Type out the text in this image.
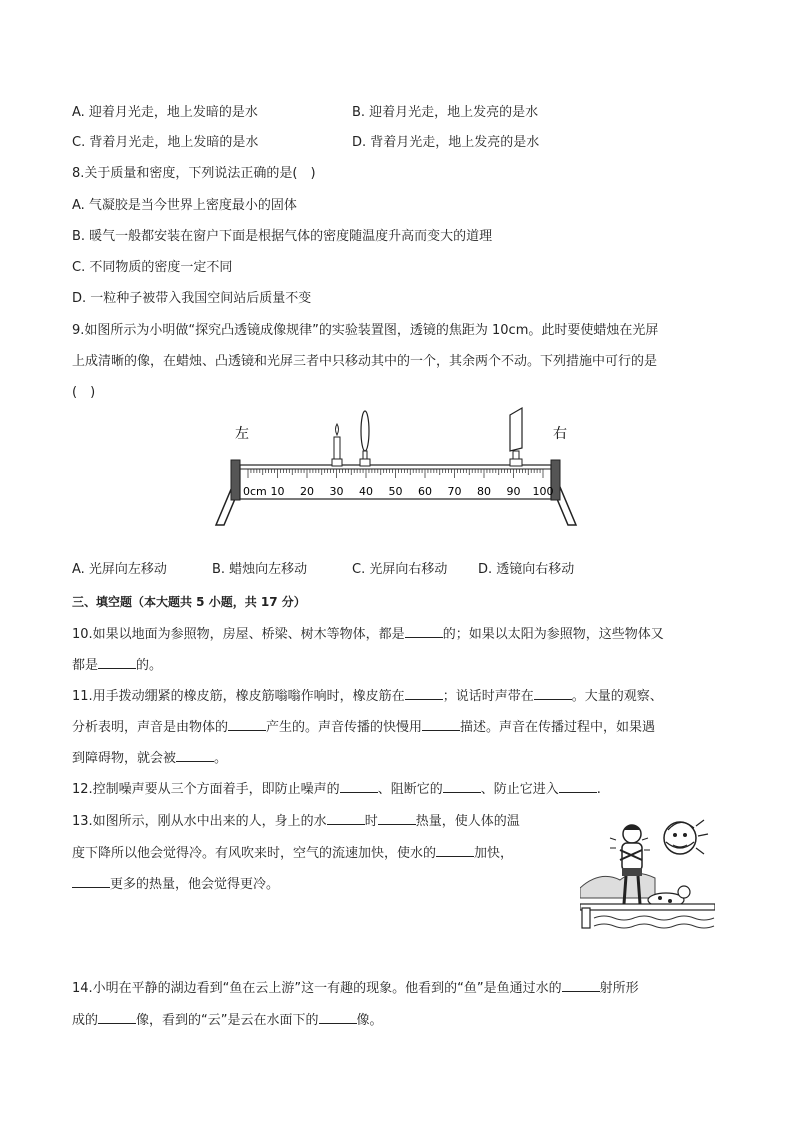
A. 迎着月光走，地上发暗的是水	B. 迎着月光走，地上发亮的是水
C. 背着月光走，地上发暗的是水	D. 背着月光走，地上发亮的是水
8.关于质量和密度，下列说法正确的是(　)
A. 气凝胶是当今世界上密度最小的固体
B. 暖气一般都安装在窗户下面是根据气体的密度随温度升高而变大的道理
C. 不同物质的密度一定不同
D. 一粒种子被带入我国空间站后质量不变
9.如图所示为小明做“探究凸透镜成像规律”的实验装置图，透镜的焦距为 10cm。此时要使蜡烛在光屏
上成清晰的像，在蜡烛、凸透镜和光屏三者中只移动其中的一个，其余两个不动。下列措施中可行的是
(　)
左	右
0cm 10 20 30 40 50 60 70 80 90 100
A. 光屏向左移动	B. 蜡烛向左移动	C. 光屏向右移动 D. 透镜向右移动
三、填空题（本大题共 5 小题，共 17 分）
10.如果以地面为参照物，房屋、桥梁、树木等物体，都是	的；如果以太阳为参照物，这些物体又
都是	的。
11.用手拨动绷紧的橡皮筋，橡皮筋嗡嗡作响时，橡皮筋在	；说话时声带在	。大量的观察、
分析表明，声音是由物体的	产生的。声音传播的快慢用	描述。声音在传播过程中，如果遇
到障碍物，就会被	。
12.控制噪声要从三个方面着手，即防止噪声的	、阻断它的	、防止它进入	.
13.如图所示，刚从水中出来的人，身上的水	时	热量，使人体的温
度下降所以他会觉得冷。有风吹来时，空气的流速加快，使水的	加快，
更多的热量，他会觉得更冷。
14.小明在平静的湖边看到“鱼在云上游”这一有趣的现象。他看到的“鱼”是鱼通过水的	射所形
成的	像，看到的“云”是云在水面下的	像。
